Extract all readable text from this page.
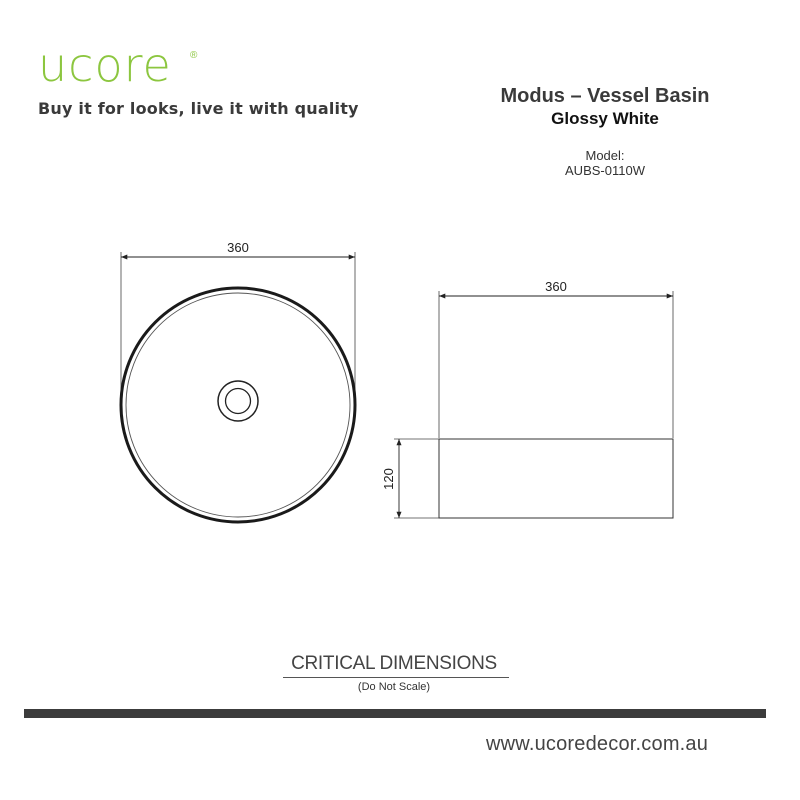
ucore ®
Buy it for looks, live it with quality
Modus – Vessel Basin
Glossy White
Model:
AUBS-0110W
360
360
120
CRITICAL DIMENSIONS
(Do Not Scale)
www.ucoredecor.com.au
